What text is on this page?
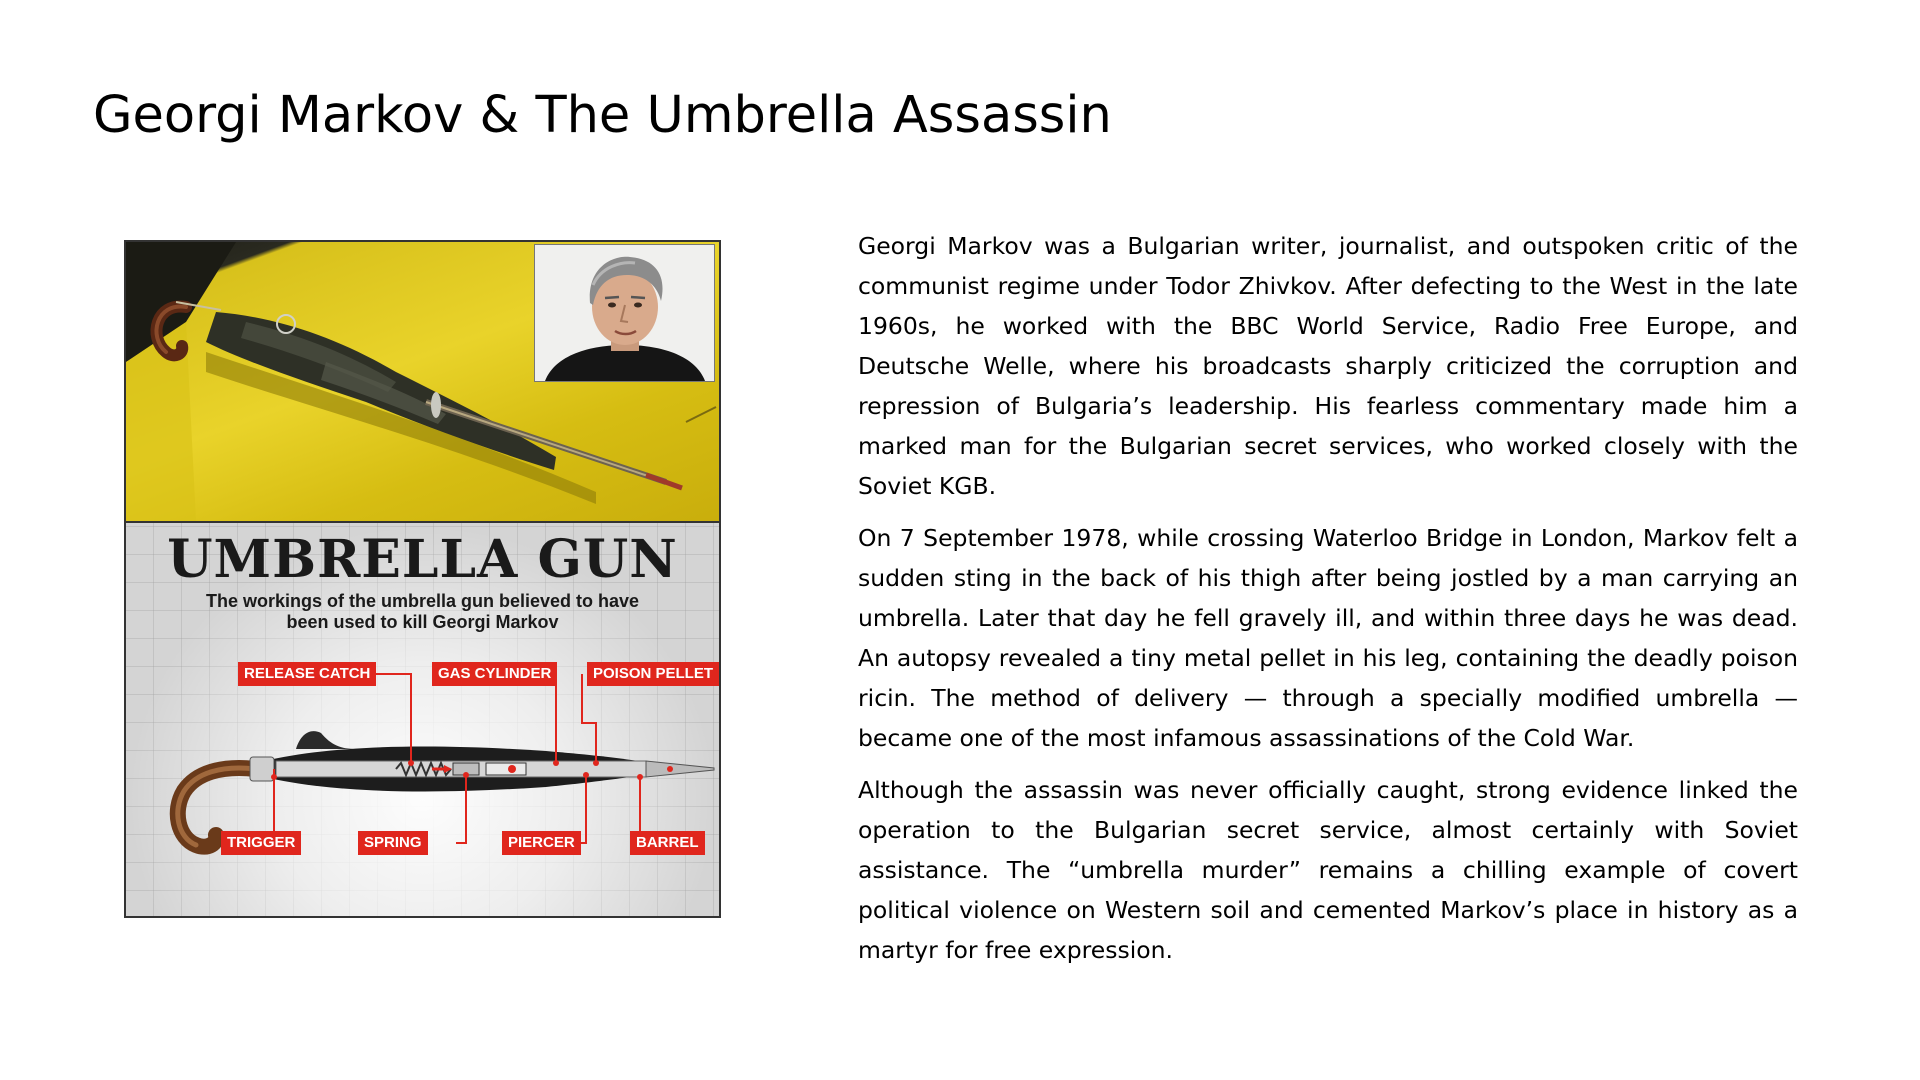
Georgi Markov & The Umbrella Assassin
UMBRELLA GUN
The workings of the umbrella gun believed to have been used to kill Georgi Markov
RELEASE CATCH	GAS CYLINDER	POISON PELLET
TRIGGER	SPRING	PIERCER	BARREL

Georgi Markov was a Bulgarian writer, journalist, and outspoken critic of the communist regime under Todor Zhivkov. After defecting to the West in the late 1960s, he worked with the BBC World Service, Radio Free Europe, and Deutsche Welle, where his broadcasts sharply criticized the corruption and repression of Bulgaria’s leadership. His fearless commentary made him a marked man for the Bulgarian secret services, who worked closely with the Soviet KGB.

On 7 September 1978, while crossing Waterloo Bridge in London, Markov felt a sudden sting in the back of his thigh after being jostled by a man carrying an umbrella. Later that day he fell gravely ill, and within three days he was dead. An autopsy revealed a tiny metal pellet in his leg, containing the deadly poison ricin. The method of delivery — through a specially modified umbrella — became one of the most infamous assassinations of the Cold War.

Although the assassin was never officially caught, strong evidence linked the operation to the Bulgarian secret service, almost certainly with Soviet assistance. The “umbrella murder” remains a chilling example of covert political violence on Western soil and cemented Markov’s place in history as a martyr for free expression.
